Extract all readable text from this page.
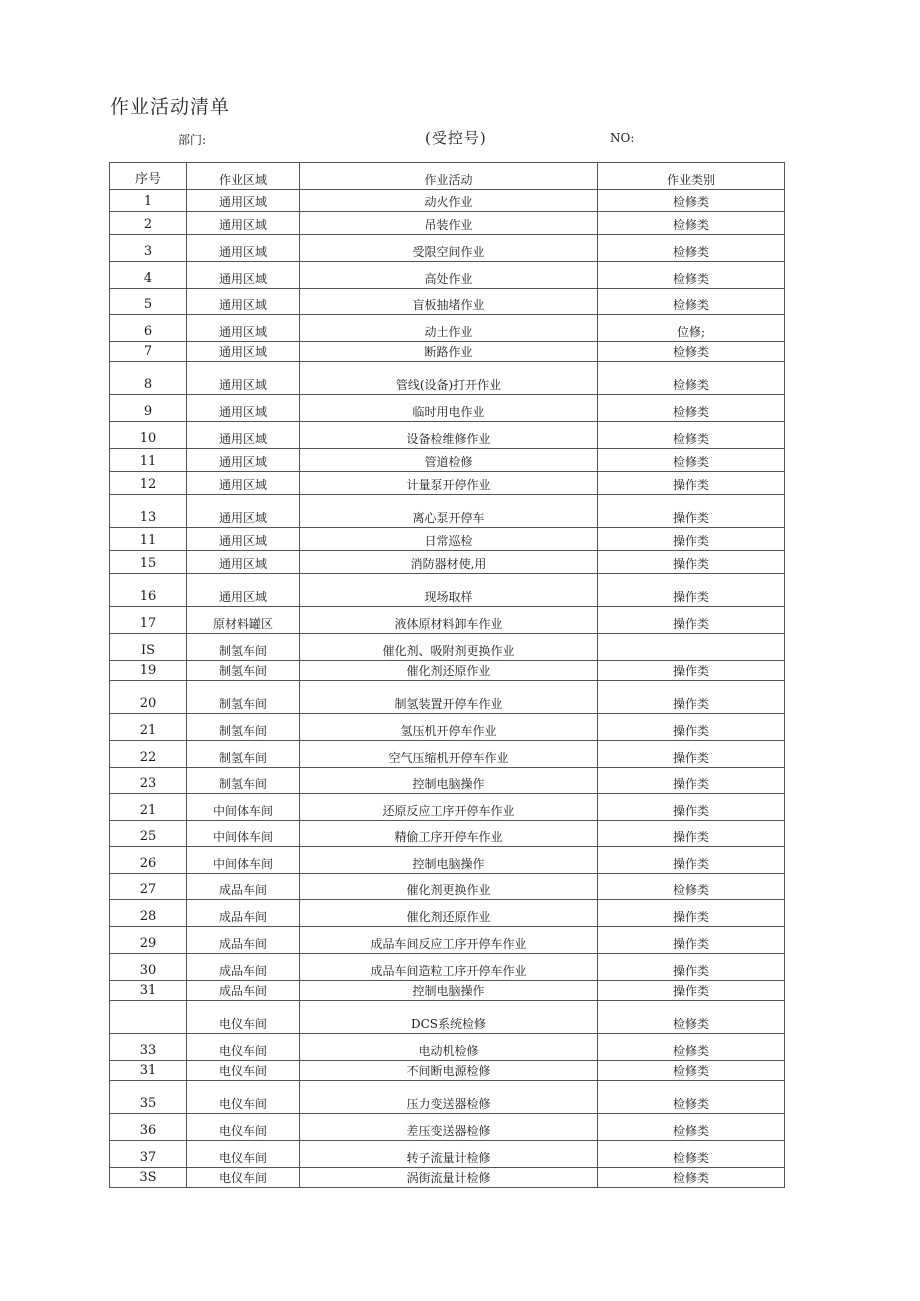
作业活动清单
部门:	(受控号)	NO:
序号	作业区域	作业活动	作业类别
1	通用区域	动火作业	检修类
2	通用区域	吊装作业	检修类
3	通用区域	受限空间作业	检修类
4	通用区域	高处作业	检修类
5	通用区域	盲板抽堵作业	检修类
6	通用区域	动土作业	位修;
7	通用区域	断路作业	检修类
8	通用区域	管线(设备)打开作业	检修类
9	通用区域	临时用电作业	检修类
10	通用区域	设备检维修作业	检修类
11	通用区域	管道检修	检修类
12	通用区域	计量泵开停作业	操作类
13	通用区域	离心泵开停车	操作类
11	通用区域	日常巡检	操作类
15	通用区域	消防器材使,用	操作类
16	通用区域	现场取样	操作类
17	原材料罐区	液体原材料卸车作业	操作类
IS	制氢车间	催化剂、吸附剂更换作业	
19	制氢车间	催化剂还原作业	操作类
20	制氢车间	制氢装置开停车作业	操作类
21	制氢车间	氢压机开停车作业	操作类
22	制氢车间	空气压缩机开停车作业	操作类
23	制氢车间	控制电脑操作	操作类
21	中间体车间	还原反应工序开停车作业	操作类
25	中间体车间	精偷工序开停车作业	操作类
26	中间体车间	控制电脑操作	操作类
27	成品车间	催化剂更换作业	检修类
28	成品车间	催化剂还原作业	操作类
29	成品车间	成品车间反应工序开停车作业	操作类
30	成品车间	成品车间造粒工序开停车作业	操作类
31	成品车间	控制电脑操作	操作类
	电仪车间	DCS系统检修	检修类
33	电仪车间	电动机检修	检修类
31	电仪车间	不间断电源检修	检修类
35	电仪车间	压力变送器检修	检修类
36	电仪车间	差压变送器检修	检修类
37	电仪车间	转子流量计检修	检修类
3S	电仪车间	涡街流量计检修	检修类
